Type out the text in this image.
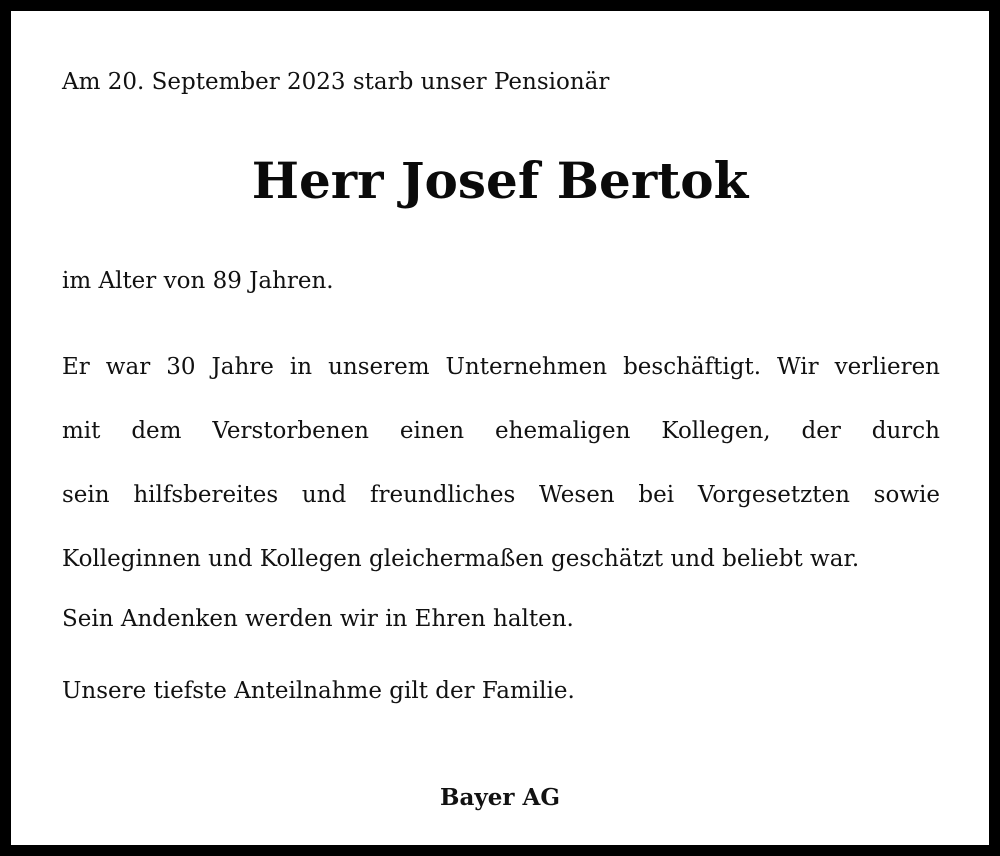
Am 20. September 2023 starb unser Pensionär
Herr Josef Bertok
im Alter von 89 Jahren.
Er war 30 Jahre in unserem Unternehmen beschäftigt. Wir verlieren
mit dem Verstorbenen einen ehemaligen Kollegen, der durch
sein hilfsbereites und freundliches Wesen bei Vorgesetzten sowie
Kolleginnen und Kollegen gleichermaßen geschätzt und beliebt war.
Sein Andenken werden wir in Ehren halten.
Unsere tiefste Anteilnahme gilt der Familie.
Bayer AG
